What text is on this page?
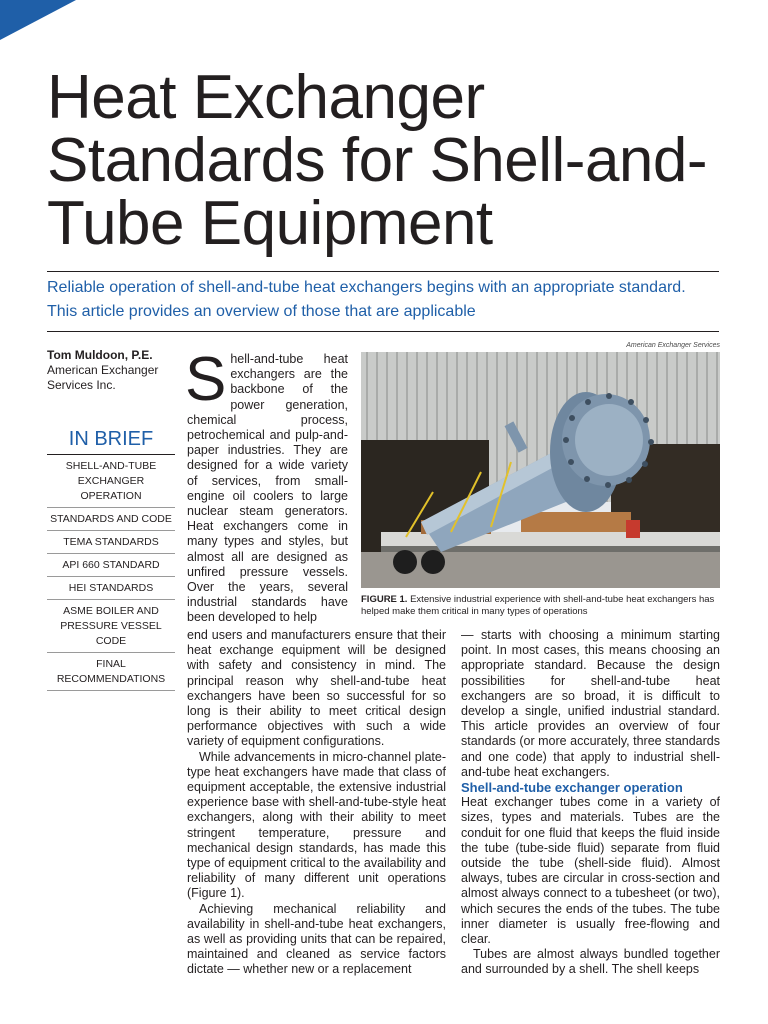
Heat Exchanger Standards for Shell-and-Tube Equipment

Reliable operation of shell-and-tube heat exchangers begins with an appropriate standard.
This article provides an overview of those that are applicable

Tom Muldoon, P.E.
American Exchanger Services Inc.
IN BRIEF
SHELL-AND-TUBE EXCHANGER OPERATION
STANDARDS AND CODE
TEMA STANDARDS
API 660 STANDARD
HEI STANDARDS
ASME BOILER AND PRESSURE VESSEL CODE
FINAL RECOMMENDATIONS
S hell-and-tube heat exchangers are the backbone of the power generation, chemical process, petrochemical and pulp-and-paper industries. They are designed for a wide variety of services, from small-engine oil coolers to large nuclear steam generators. Heat exchangers come in many types and styles, but almost all are designed as unfired pressure vessels. Over the years, several industrial standards have been developed to help

American Exchanger Services
FIGURE 1. Extensive industrial experience with shell-and-tube heat exchangers has helped make them critical in many types of operations

end users and manufacturers ensure that their heat exchange equipment will be designed with safety and consistency in mind. The principal reason why shell-and-tube heat exchangers have been so successful for so long is their ability to meet critical design performance objectives with such a wide variety of equipment configurations.

While advancements in micro-channel plate-type heat exchangers have made that class of equipment acceptable, the extensive industrial experience base with shell-and-tube-style heat exchangers, along with their ability to meet stringent temperature, pressure and mechanical design standards, has made this type of equipment critical to the availability and reliability of many different unit operations (Figure 1).

Achieving mechanical reliability and availability in shell-and-tube heat exchangers, as well as providing units that can be repaired, maintained and cleaned as service factors dictate — whether new or a replacement

— starts with choosing a minimum starting point. In most cases, this means choosing an appropriate standard. Because the design possibilities for shell-and-tube heat exchangers are so broad, it is difficult to develop a single, unified industrial standard. This article provides an overview of four standards (or more accurately, three standards and one code) that apply to industrial shell-and-tube heat exchangers.

Shell-and-tube exchanger operation

Heat exchanger tubes come in a variety of sizes, types and materials. Tubes are the conduit for one fluid that keeps the fluid inside the tube (tube-side fluid) separate from fluid outside the tube (shell-side fluid). Almost always, tubes are circular in cross-section and almost always connect to a tubesheet (or two), which secures the ends of the tubes. The tube inner diameter is usually free-flowing and clear.

Tubes are almost always bundled together and surrounded by a shell. The shell keeps
